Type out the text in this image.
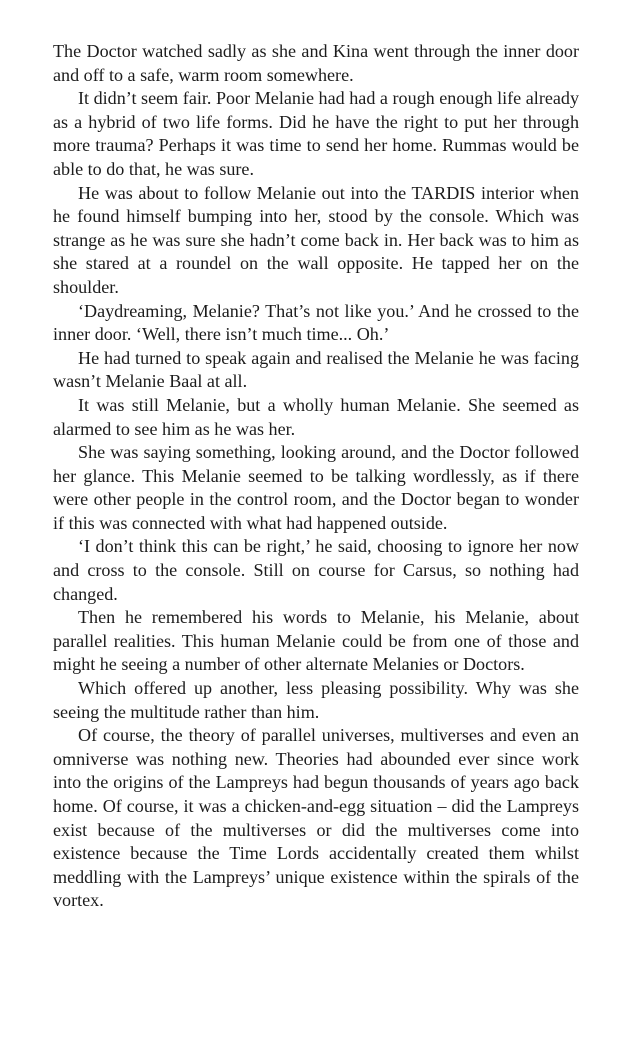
The Doctor watched sadly as she and Kina went through the inner door and off to a safe, warm room somewhere.

It didn’t seem fair. Poor Melanie had had a rough enough life already as a hybrid of two life forms. Did he have the right to put her through more trauma? Perhaps it was time to send her home. Rummas would be able to do that, he was sure.

He was about to follow Melanie out into the TARDIS interior when he found himself bumping into her, stood by the console. Which was strange as he was sure she hadn’t come back in. Her back was to him as she stared at a roundel on the wall opposite. He tapped her on the shoulder.

‘Daydreaming, Melanie? That’s not like you.’ And he crossed to the inner door. ‘Well, there isn’t much time... Oh.’

He had turned to speak again and realised the Melanie he was facing wasn’t Melanie Baal at all.

It was still Melanie, but a wholly human Melanie. She seemed as alarmed to see him as he was her.

She was saying something, looking around, and the Doctor followed her glance. This Melanie seemed to be talking wordlessly, as if there were other people in the control room, and the Doctor began to wonder if this was connected with what had happened outside.

‘I don’t think this can be right,’ he said, choosing to ignore her now and cross to the console. Still on course for Carsus, so nothing had changed.

Then he remembered his words to Melanie, his Melanie, about parallel realities. This human Melanie could be from one of those and might he seeing a number of other alternate Melanies or Doctors.

Which offered up another, less pleasing possibility. Why was she seeing the multitude rather than him.

Of course, the theory of parallel universes, multiverses and even an omniverse was nothing new. Theories had abounded ever since work into the origins of the Lampreys had begun thousands of years ago back home. Of course, it was a chicken-and-egg situation – did the Lampreys exist because of the multiverses or did the multiverses come into existence because the Time Lords accidentally created them whilst meddling with the Lampreys’ unique existence within the spirals of the vortex.
